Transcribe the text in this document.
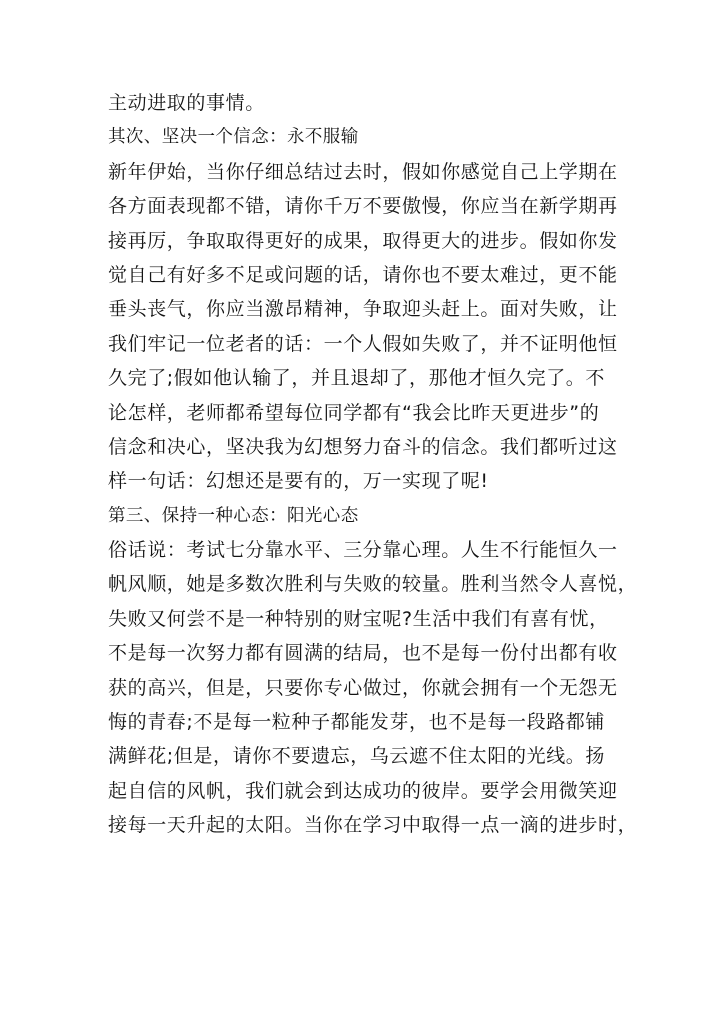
主动进取的事情。
其次、坚决一个信念：永不服输
新年伊始，当你仔细总结过去时，假如你感觉自己上学期在
各方面表现都不错，请你千万不要傲慢，你应当在新学期再
接再厉，争取取得更好的成果，取得更大的进步。假如你发
觉自己有好多不足或问题的话，请你也不要太难过，更不能
垂头丧气，你应当激昂精神，争取迎头赶上。面对失败，让
我们牢记一位老者的话：一个人假如失败了，并不证明他恒
久完了;假如他认输了，并且退却了，那他才恒久完了。不
论怎样，老师都希望每位同学都有“我会比昨天更进步”的
信念和决心，坚决我为幻想努力奋斗的信念。我们都听过这
样一句话：幻想还是要有的，万一实现了呢!
第三、保持一种心态：阳光心态
俗话说：考试七分靠水平、三分靠心理。人生不行能恒久一
帆风顺，她是多数次胜利与失败的较量。胜利当然令人喜悦，
失败又何尝不是一种特别的财宝呢?生活中我们有喜有忧，
不是每一次努力都有圆满的结局，也不是每一份付出都有收
获的高兴，但是，只要你专心做过，你就会拥有一个无怨无
悔的青春;不是每一粒种子都能发芽，也不是每一段路都铺
满鲜花;但是，请你不要遗忘，乌云遮不住太阳的光线。扬
起自信的风帆，我们就会到达成功的彼岸。要学会用微笑迎
接每一天升起的太阳。当你在学习中取得一点一滴的进步时，
